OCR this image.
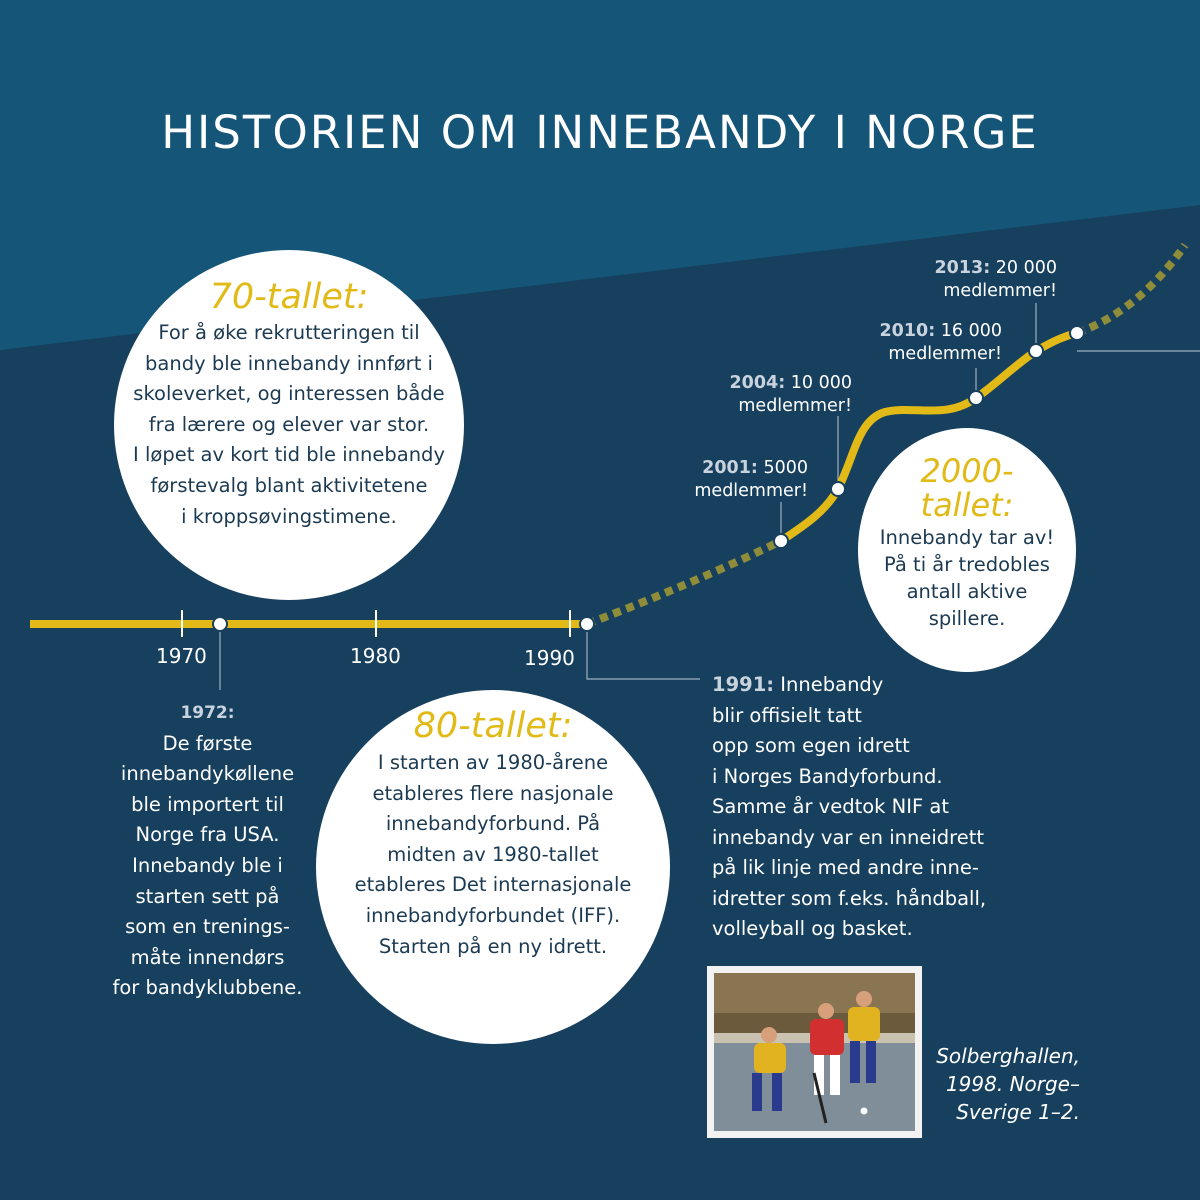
HISTORIEN OM INNEBANDY I NORGE
1970	1980	1990
70-tallet:
For å øke rekrutteringen til
bandy ble innebandy innført i
skoleverket, og interessen både
fra lærere og elever var stor.
I løpet av kort tid ble innebandy
førstevalg blant aktivitetene
i kroppsøvingstimene.
80-tallet:
I starten av 1980-årene
etableres flere nasjonale
innebandyforbund. På
midten av 1980-tallet
etableres Det internasjonale
innebandyforbundet (IFF).
Starten på en ny idrett.
2000-
tallet:
Innebandy tar av!
På ti år tredobles
antall aktive
spillere.
2001: 5000
medlemmer!
2004: 10 000
medlemmer!
2010: 16 000
medlemmer!
2013: 20 000
medlemmer!
1972:
De første
innebandykøllene
ble importert til
Norge fra USA.
Innebandy ble i
starten sett på
som en trenings-
måte innendørs
for bandyklubbene.
1991: Innebandy
blir offisielt tatt
opp som egen idrett
i Norges Bandyforbund.
Samme år vedtok NIF at
innebandy var en inneidrett
på lik linje med andre inne-
idretter som f.eks. håndball,
volleyball og basket.
Solberghallen,
1998. Norge–
Sverige 1–2.
